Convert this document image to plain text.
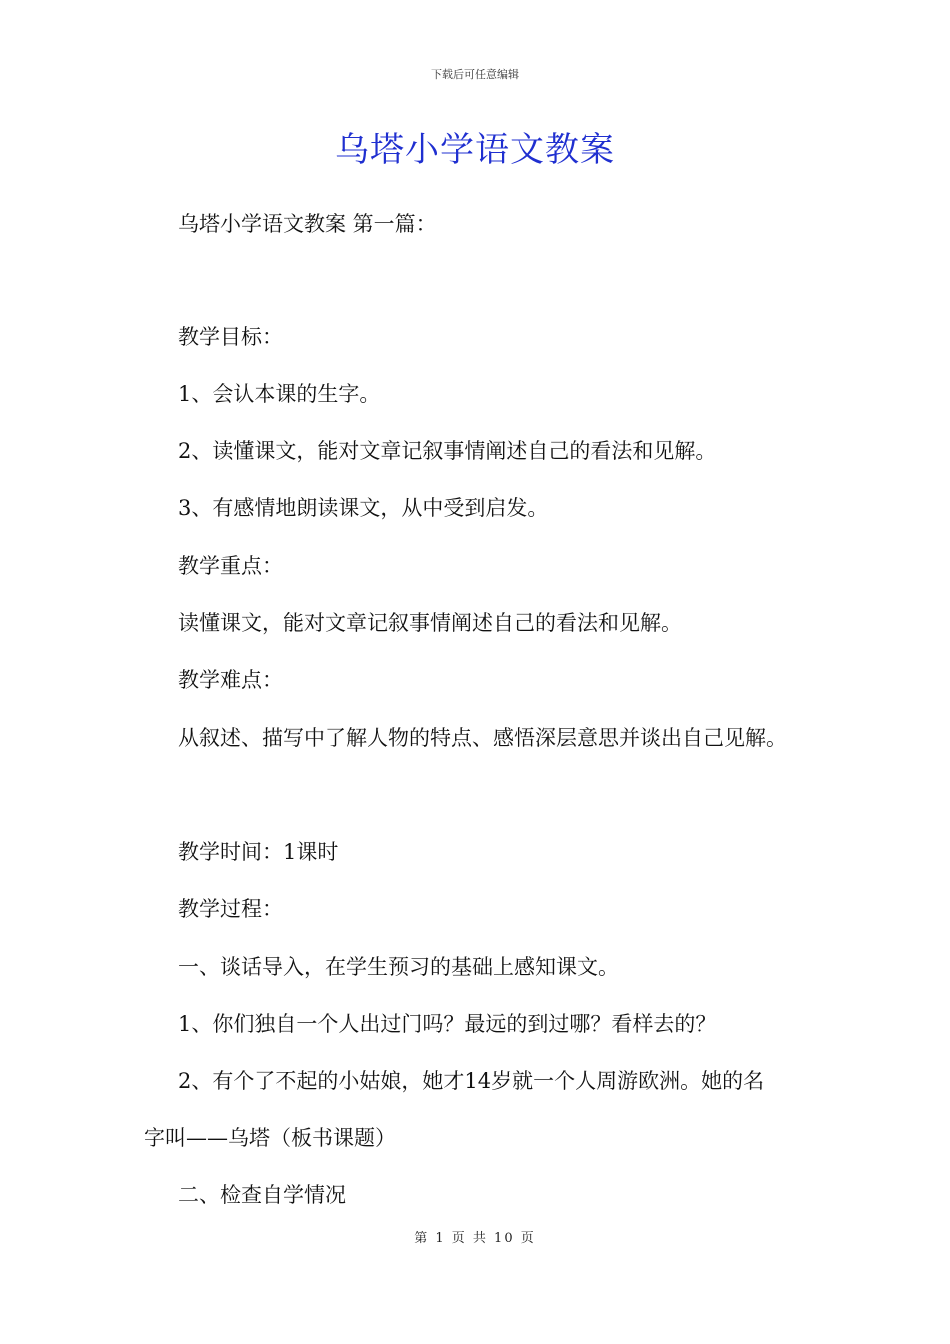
下载后可任意编辑
乌塔小学语文教案

乌塔小学语文教案 第一篇：

教学目标：

1、会认本课的生字。

2、读懂课文，能对文章记叙事情阐述自己的看法和见解。

3、有感情地朗读课文，从中受到启发。

教学重点：

读懂课文，能对文章记叙事情阐述自己的看法和见解。

教学难点：

从叙述、描写中了解人物的特点、感悟深层意思并谈出自己见解。

教学时间：1课时

教学过程：

一、谈话导入，在学生预习的基础上感知课文。

1、你们独自一个人出过门吗？最远的到过哪？看样去的？

2、有个了不起的小姑娘，她才14岁就一个人周游欧洲。她的名

字叫——乌塔（板书课题）

二、检查自学情况

第 1 页 共 10 页
